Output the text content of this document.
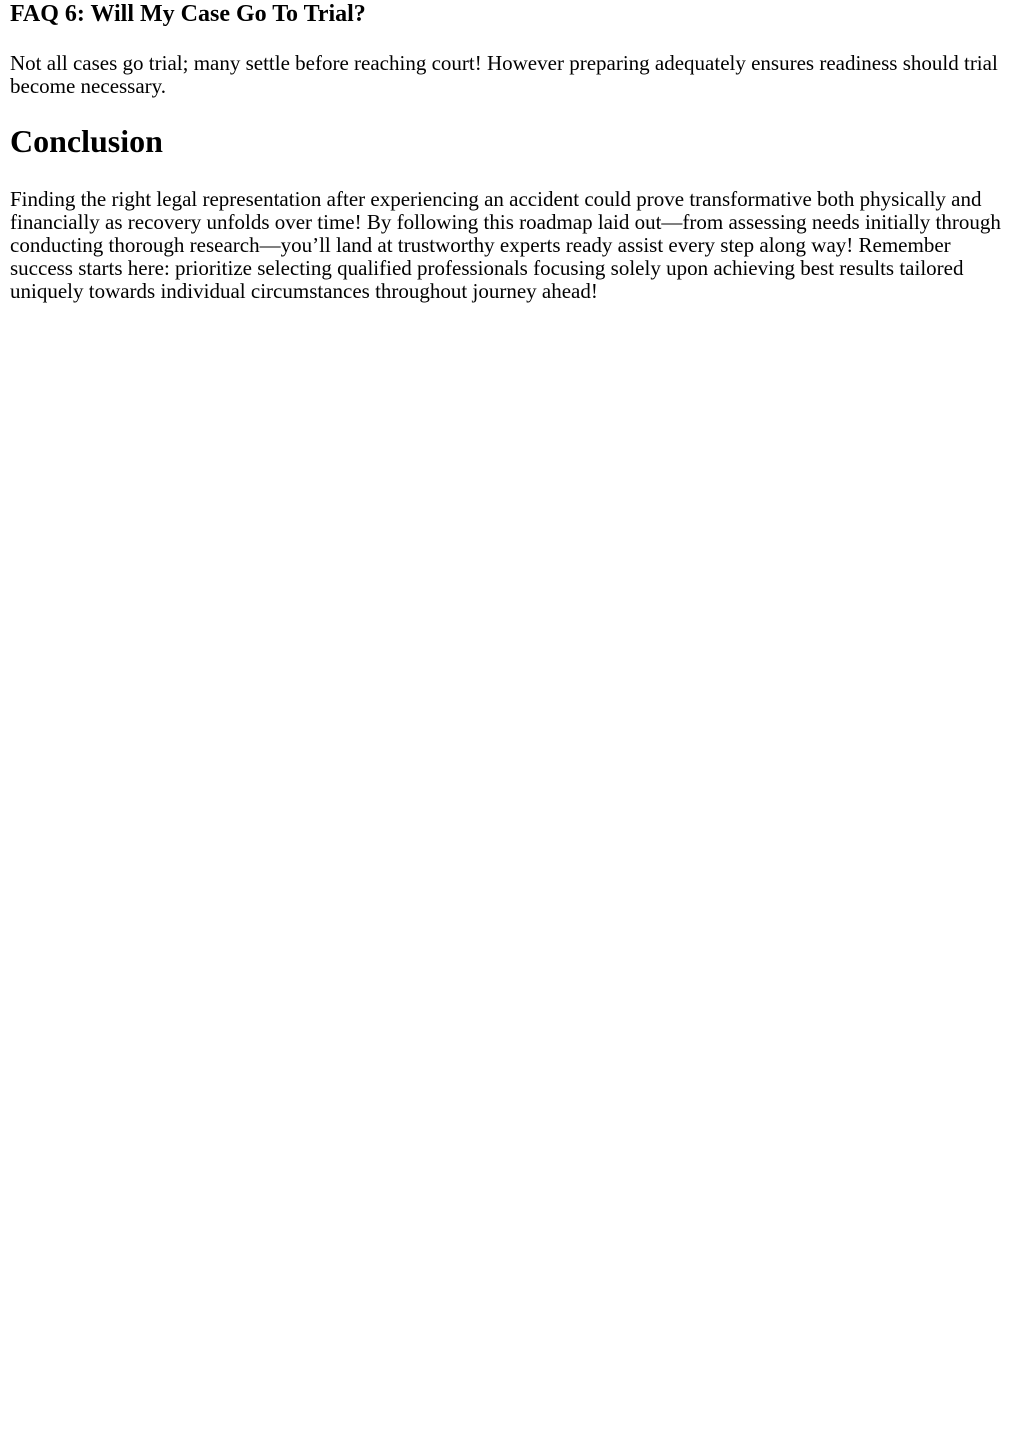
FAQ 6: Will My Case Go To Trial?

Not all cases go trial; many settle before reaching court! However preparing adequately ensures readiness should trial become necessary.

Conclusion

Finding the right legal representation after experiencing an accident could prove transformative both physically and financially as recovery unfolds over time! By following this roadmap laid out—from assessing needs initially through conducting thorough research—you’ll land at trustworthy experts ready assist every step along way! Remember success starts here: prioritize selecting qualified professionals focusing solely upon achieving best results tailored uniquely towards individual circumstances throughout journey ahead!
